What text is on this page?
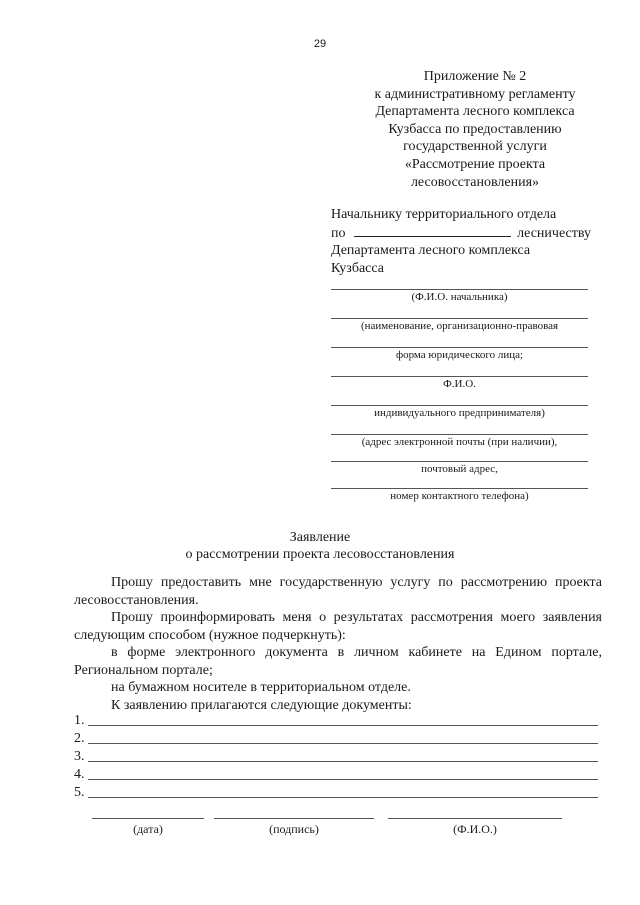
29
Приложение № 2
к административному регламенту
Департамента лесного комплекса
Кузбасса по предоставлению
государственной услуги
«Рассмотрение проекта
лесовосстановления»
Начальнику территориального отдела
по	лесничеству
Департамента лесного комплекса
Кузбасса
(Ф.И.О. начальника)
(наименование, организационно-правовая
форма юридического лица;
Ф.И.О.
индивидуального предпринимателя)
(адрес электронной почты (при наличии),
почтовый адрес,
номер контактного телефона)
Заявление
о рассмотрении проекта лесовосстановления
Прошу предоставить мне государственную услугу по рассмотрению проекта лесовосстановления.
Прошу проинформировать меня о результатах рассмотрения моего заявления следующим способом (нужное подчеркнуть):
в форме электронного документа в личном кабинете на Едином портале, Региональном портале;
на бумажном носителе в территориальном отделе.
К заявлению прилагаются следующие документы:
1.
2.
3.
4.
5.
(дата)	(подпись)	(Ф.И.О.)
